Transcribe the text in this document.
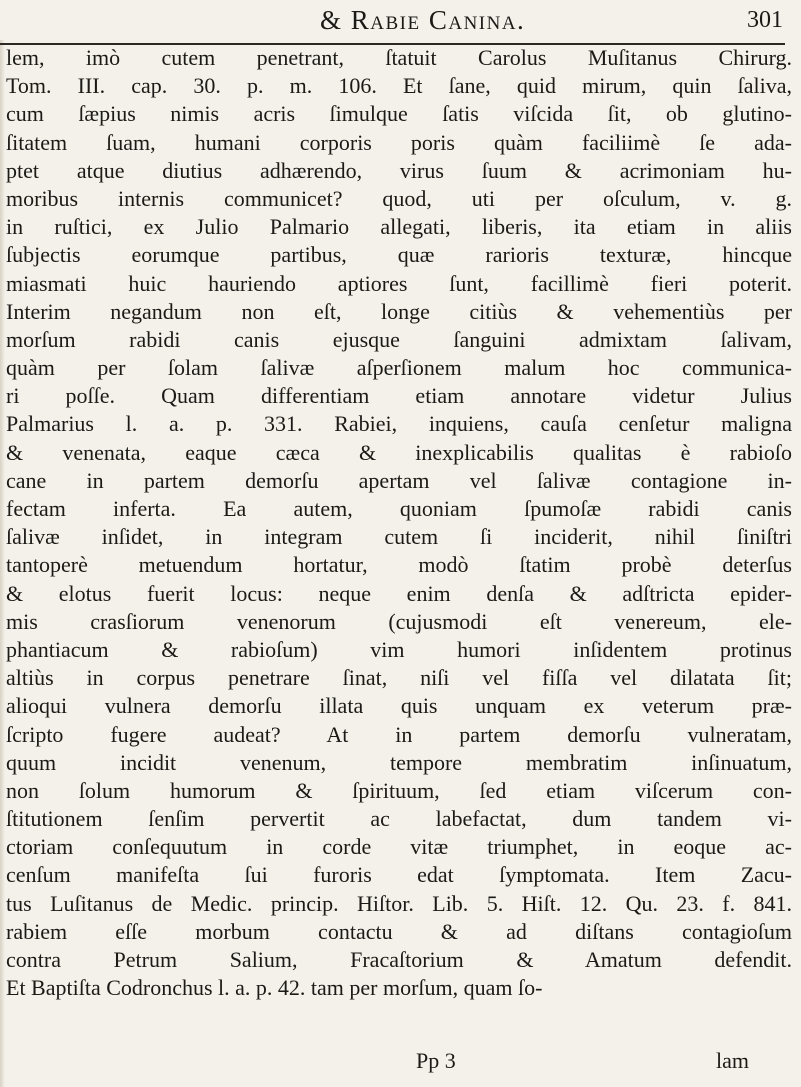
& Rabie Canina.	301
lem, imò cutem penetrant, ſtatuit Carolus Muſitanus Chirurg.
Tom. III. cap. 30. p. m. 106. Et ſane, quid mirum, quin ſaliva,
cum ſæpius nimis acris ſimulque ſatis viſcida ſit, ob glutino-
ſitatem ſuam, humani corporis poris quàm faciliimè ſe ada-
ptet atque diutius adhærendo, virus ſuum & acrimoniam hu-
moribus internis communicet? quod, uti per oſculum, v. g.
in ruſtici, ex Julio Palmario allegati, liberis, ita etiam in aliis
ſubjectis eorumque partibus, quæ rarioris texturæ, hincque
miasmati huic hauriendo aptiores ſunt, facillimè fieri poterit.
Interim negandum non eſt, longe citiùs & vehementiùs per
morſum rabidi canis ejusque ſanguini admixtam ſalivam,
quàm per ſolam ſalivæ aſperſionem malum hoc communica-
ri poſſe. Quam differentiam etiam annotare videtur Julius
Palmarius l. a. p. 331. Rabiei, inquiens, cauſa cenſetur maligna
& venenata, eaque cæca & inexplicabilis qualitas è rabioſo
cane in partem demorſu apertam vel ſalivæ contagione in-
fectam inferta. Ea autem, quoniam ſpumoſæ rabidi canis
ſalivæ inſidet, in integram cutem ſi inciderit, nihil ſiniſtri
tantoperè metuendum hortatur, modò ſtatim probè deterſus
& elotus fuerit locus: neque enim denſa & adſtricta epider-
mis crasſiorum venenorum (cujusmodi eſt venereum, ele-
phantiacum & rabioſum) vim humori inſidentem protinus
altiùs in corpus penetrare ſinat, niſi vel fiſſa vel dilatata ſit;
alioqui vulnera demorſu illata quis unquam ex veterum præ-
ſcripto fugere audeat? At in partem demorſu vulneratam,
quum incidit venenum, tempore membratim inſinuatum,
non ſolum humorum & ſpirituum, ſed etiam viſcerum con-
ſtitutionem ſenſim pervertit ac labefactat, dum tandem vi-
ctoriam conſequutum in corde vitæ triumphet, in eoque ac-
cenſum manifeſta ſui furoris edat ſymptomata. Item Zacu-
tus Luſitanus de Medic. princip. Hiſtor. Lib. 5. Hiſt. 12. Qu. 23. f. 841.
rabiem eſſe morbum contactu & ad diſtans contagioſum
contra Petrum Salium, Fracaſtorium & Amatum defendit.
Et Baptiſta Codronchus l. a. p. 42. tam per morſum, quam ſo-
Pp 3	lam
